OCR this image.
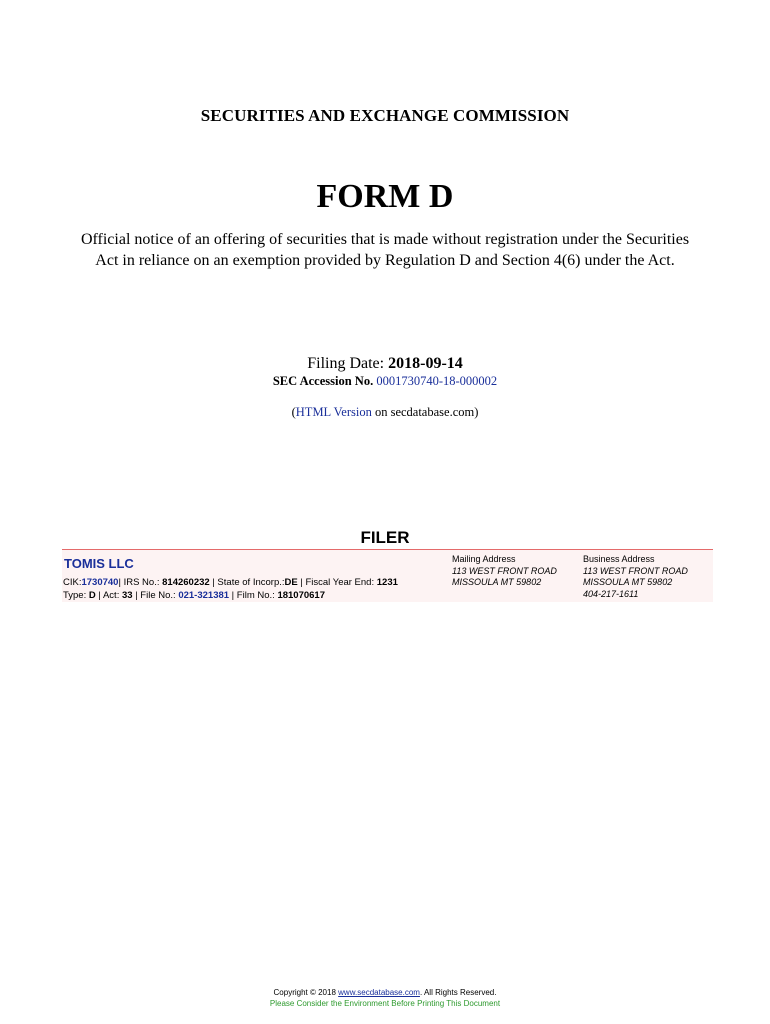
SECURITIES AND EXCHANGE COMMISSION
FORM D
Official notice of an offering of securities that is made without registration under the Securities
Act in reliance on an exemption provided by Regulation D and Section 4(6) under the Act.
Filing Date: 2018-09-14
SEC Accession No. 0001730740-18-000002
(HTML Version on secdatabase.com)
FILER
TOMIS LLC
CIK:1730740| IRS No.: 814260232 | State of Incorp.:DE | Fiscal Year End: 1231
Type: D | Act: 33 | File No.: 021-321381 | Film No.: 181070617
Mailing Address
113 WEST FRONT ROAD
MISSOULA MT 59802
Business Address
113 WEST FRONT ROAD
MISSOULA MT 59802
404-217-1611
Copyright © 2018 www.secdatabase.com. All Rights Reserved.
Please Consider the Environment Before Printing This Document
